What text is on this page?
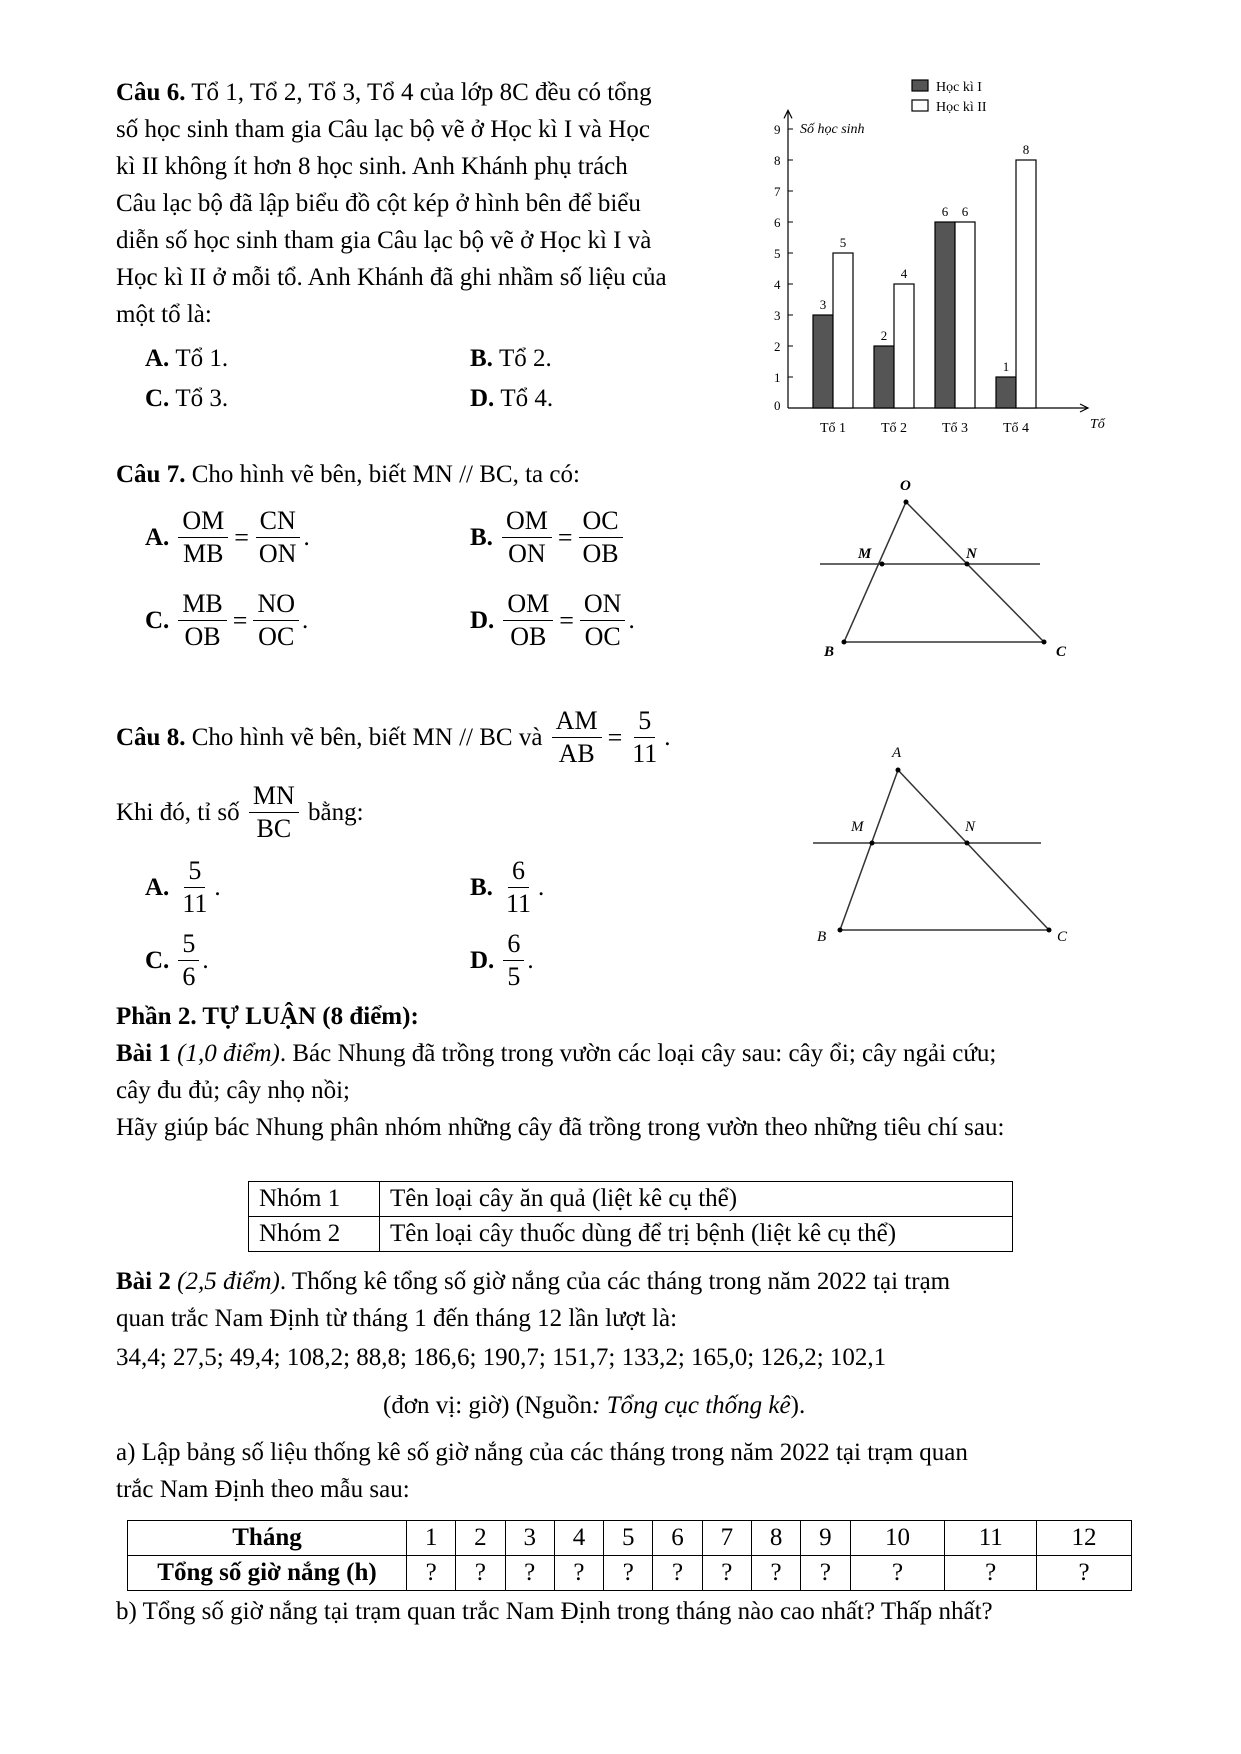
Câu 6. Tổ 1, Tổ 2, Tổ 3, Tổ 4 của lớp 8C đều có tổng
số học sinh tham gia Câu lạc bộ vẽ ở Học kì I và Học
kì II không ít hơn 8 học sinh. Anh Khánh phụ trách
Câu lạc bộ đã lập biểu đồ cột kép ở hình bên để biểu
diễn số học sinh tham gia Câu lạc bộ vẽ ở Học kì I và
Học kì II ở mỗi tổ. Anh Khánh đã ghi nhầm số liệu của
một tổ là:
A. Tổ 1.	B. Tổ 2.
C. Tổ 3.	D. Tổ 4.
Số học sinh
Tổ
0
1
2
3
4
5
6
7
8
9
3
5
2
4
6 6
1
8
Tổ 1 Tổ 2 Tổ 3 Tổ 4
Học kì I
Học kì II
Câu 7. Cho hình vẽ bên, biết MN // BC, ta có:
A. $\frac{OM}{MB} = \frac{CN}{ON}$ .	B. $\frac{OM}{ON} = \frac{OC}{OB}$
C. $\frac{MB}{OB} = \frac{NO}{OC}$ .	D. $\frac{OM}{OB} = \frac{ON}{OC}$ .
O
M	N
B	C
Câu 8.
Cho hình vẽ bên, biết
MN // BC
và
$\frac{AM}{AB} = \frac{5}{11}$ .
Khi đó, tỉ số
$\frac{MN}{BC}$
bằng:
A. $\frac{5}{11}$ .	B. $\frac{6}{11}$ .
C. $\frac{5}{6}$ .	D. $\frac{6}{5}$ .
A
M	N
B	C
Phần 2. TỰ LUẬN (8 điểm):
Bài 1 (1,0 điểm). Bác Nhung đã trồng trong vườn các loại cây sau: cây ổi; cây ngải cứu;
cây đu đủ; cây nhọ nồi;
Hãy giúp bác Nhung phân nhóm những cây đã trồng trong vườn theo những tiêu chí sau:
Nhóm 1	Tên loại cây ăn quả (liệt kê cụ thể)
Nhóm 2	Tên loại cây thuốc dùng để trị bệnh (liệt kê cụ thể)
Bài 2 (2,5 điểm). Thống kê tổng số giờ nắng của các tháng trong năm 2022 tại trạm
quan trắc Nam Định từ tháng 1 đến tháng 12 lần lượt là:
34,4; 27,5; 49,4; 108,2; 88,8; 186,6; 190,7; 151,7; 133,2; 165,0; 126,2; 102,1
(đơn vị: giờ) (Nguồn: Tổng cục thống kê).
a) Lập bảng số liệu thống kê số giờ nắng của các tháng trong năm 2022 tại trạm quan
trắc Nam Định theo mẫu sau:
Tháng	1	2	3	4	5	6	7	8	9	10	11	12
Tổng số giờ nắng (h)	?	?	?	?	?	?	?	?	?	?	?	?
b) Tổng số giờ nắng tại trạm quan trắc Nam Định trong tháng nào cao nhất? Thấp nhất?
